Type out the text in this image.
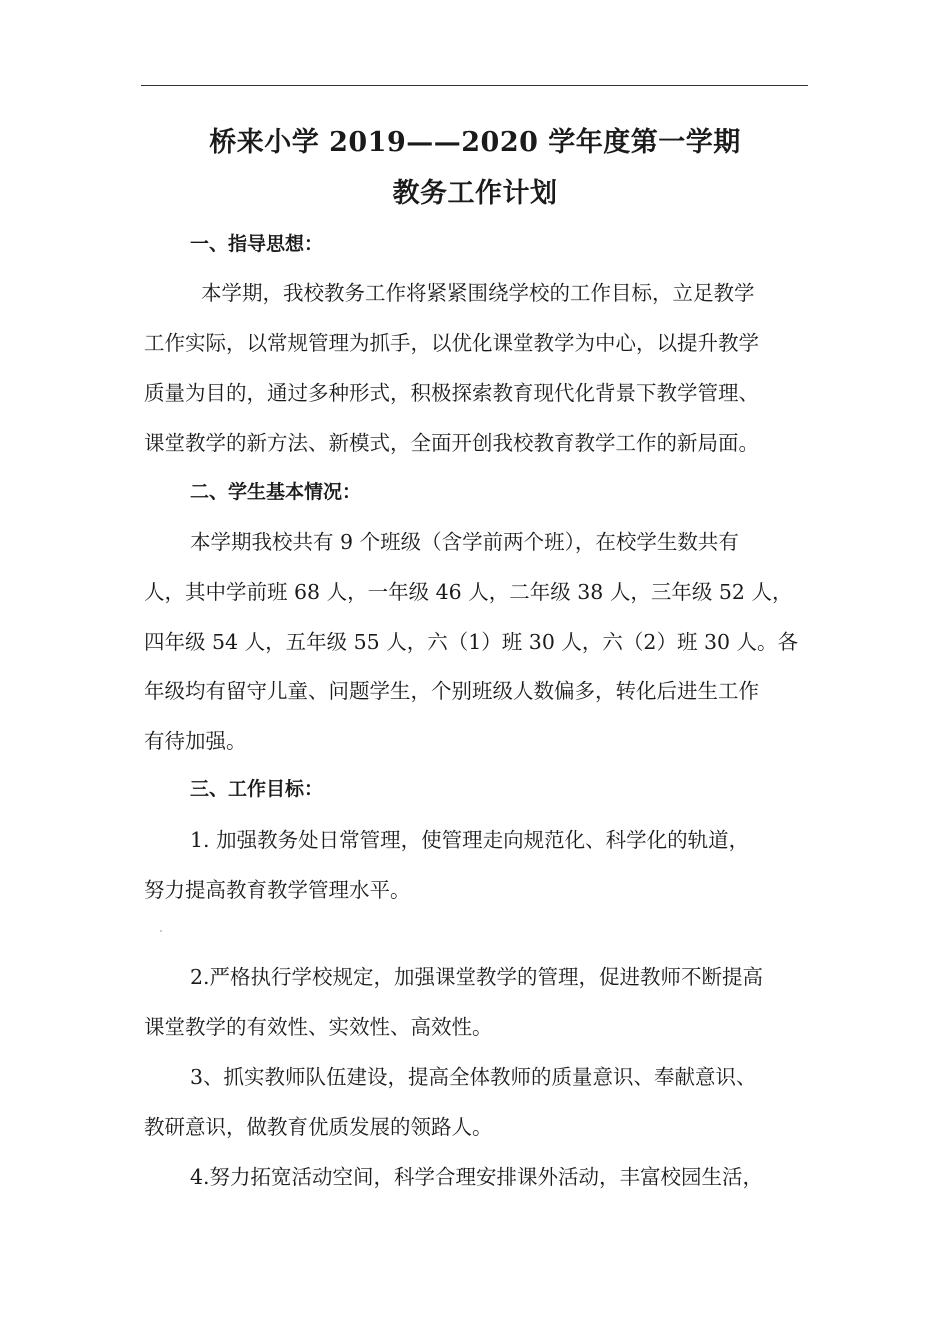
桥来小学 2019——2020 学年度第一学期
教务工作计划
一、指导思想：
本学期，我校教务工作将紧紧围绕学校的工作目标，立足教学
工作实际，以常规管理为抓手，以优化课堂教学为中心，以提升教学
质量为目的，通过多种形式，积极探索教育现代化背景下教学管理、
课堂教学的新方法、新模式，全面开创我校教育教学工作的新局面。
二、学生基本情况：
本学期我校共有 9 个班级（含学前两个班），在校学生数共有
人，其中学前班 68 人，一年级 46 人，二年级 38 人，三年级 52 人，
四年级 54 人，五年级 55 人，六（1）班 30 人，六（2）班 30 人。各
年级均有留守儿童、问题学生，个别班级人数偏多，转化后进生工作
有待加强。
三、工作目标：
1. 加强教务处日常管理，使管理走向规范化、科学化的轨道，
努力提高教育教学管理水平。
2.严格执行学校规定，加强课堂教学的管理，促进教师不断提高
课堂教学的有效性、实效性、高效性。
3、抓实教师队伍建设，提高全体教师的质量意识、奉献意识、
教研意识，做教育优质发展的领路人。
4.努力拓宽活动空间，科学合理安排课外活动，丰富校园生活，
